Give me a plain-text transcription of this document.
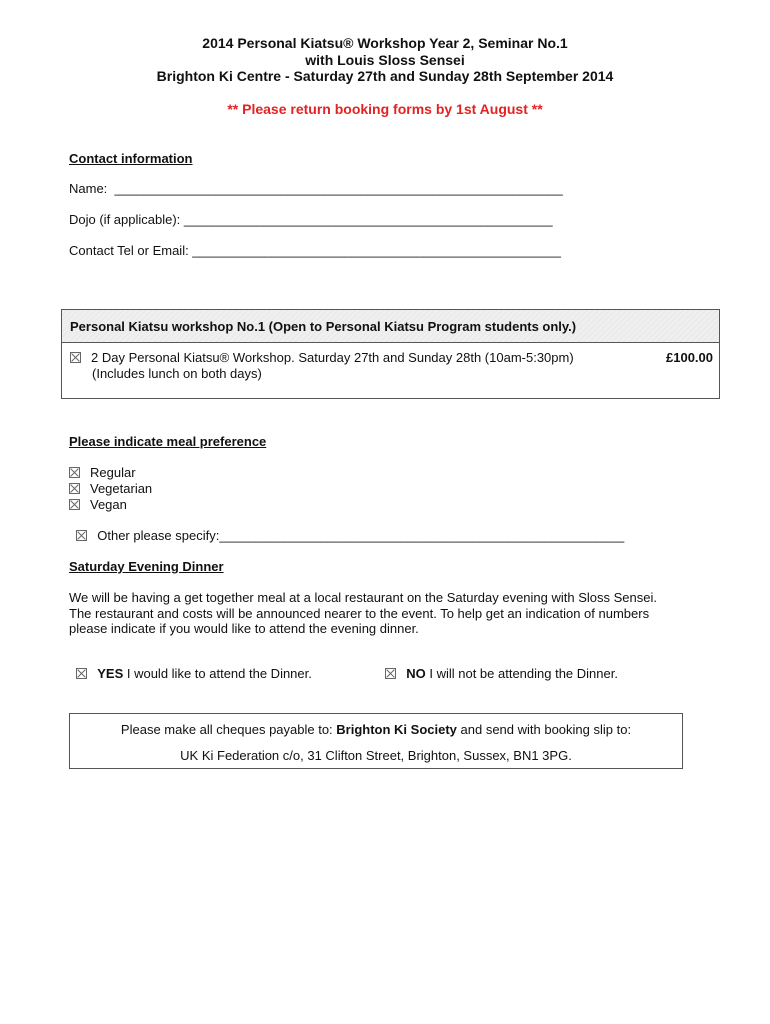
2014 Personal Kiatsu® Workshop Year 2, Seminar No.1
with Louis Sloss Sensei
Brighton Ki Centre - Saturday 27th and Sunday 28th September 2014
** Please return booking forms by 1st August **
Contact information
Name:  ______________________________________________________________
Dojo (if applicable): ___________________________________________________
Contact Tel or Email: ___________________________________________________
Personal Kiatsu workshop No.1 (Open to Personal Kiatsu Program students only.)
2 Day Personal Kiatsu® Workshop. Saturday 27th and Sunday 28th (10am-5:30pm)
(Includes lunch on both days)
£100.00
Please indicate meal preference
Regular
Vegetarian
Vegan

Other please specify:________________________________________________________

Saturday Evening Dinner
We will be having a get together meal at a local restaurant on the Saturday evening with Sloss Sensei.
The restaurant and costs will be announced nearer to the event. To help get an indication of numbers
please indicate if you would like to attend the evening dinner.

YES I would like to attend the Dinner.	NO I will not be attending the Dinner.

Please make all cheques payable to: Brighton Ki Society and send with booking slip to:
UK Ki Federation c/o, 31 Clifton Street, Brighton, Sussex, BN1 3PG.
